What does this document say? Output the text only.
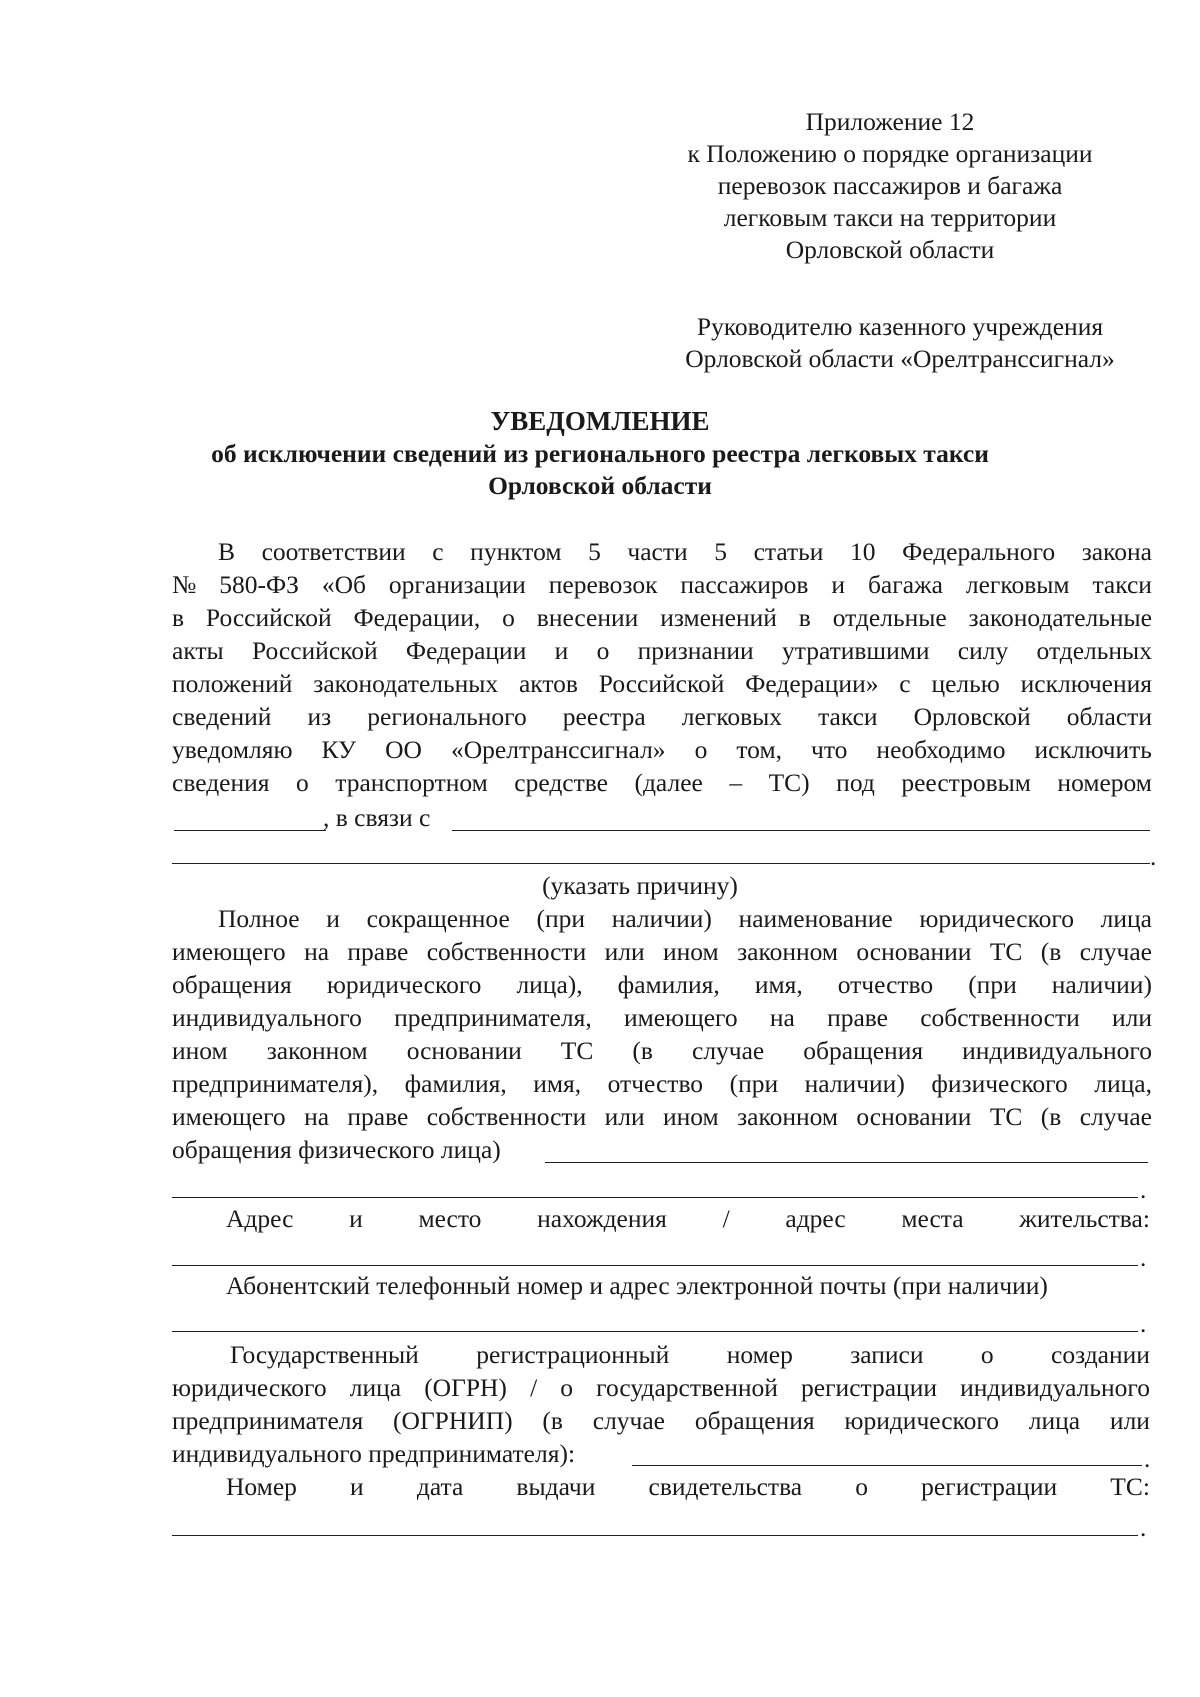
Приложение 12
к Положению о порядке организации
перевозок пассажиров и багажа
легковым такси на территории
Орловской области
Руководителю казенного учреждения
Орловской области «Орелтранссигнал»
УВЕДОМЛЕНИЕ
об исключении сведений из регионального реестра легковых такси
Орловской области
В соответствии с пунктом 5 части 5 статьи 10 Федерального закона
№ 580-ФЗ «Об организации перевозок пассажиров и багажа легковым такси
в Российской Федерации, о внесении изменений в отдельные законодательные
акты Российской Федерации и о признании утратившими силу отдельных
положений законодательных актов Российской Федерации» с целью исключения
сведений из регионального реестра легковых такси Орловской области
уведомляю КУ ОО «Орелтранссигнал» о том, что необходимо исключить
сведения о транспортном средстве (далее – ТС) под реестровым номером
, в связи с
.
(указать причину)
Полное и сокращенное (при наличии) наименование юридического лица
имеющего на праве собственности или ином законном основании ТС (в случае
обращения юридического лица), фамилия, имя, отчество (при наличии)
индивидуального предпринимателя, имеющего на праве собственности или
ином законном основании ТС (в случае обращения индивидуального
предпринимателя), фамилия, имя, отчество (при наличии) физического лица,
имеющего на праве собственности или ином законном основании ТС (в случае
обращения физического лица)
.
Адрес и место нахождения / адрес места жительства:
.
Абонентский телефонный номер и адрес электронной почты (при наличии)
.
Государственный регистрационный номер записи о создании
юридического лица (ОГРН) / о государственной регистрации индивидуального
предпринимателя (ОГРНИП) (в случае обращения юридического лица или
индивидуального предпринимателя):	.
Номер и дата выдачи свидетельства о регистрации ТС:
.
